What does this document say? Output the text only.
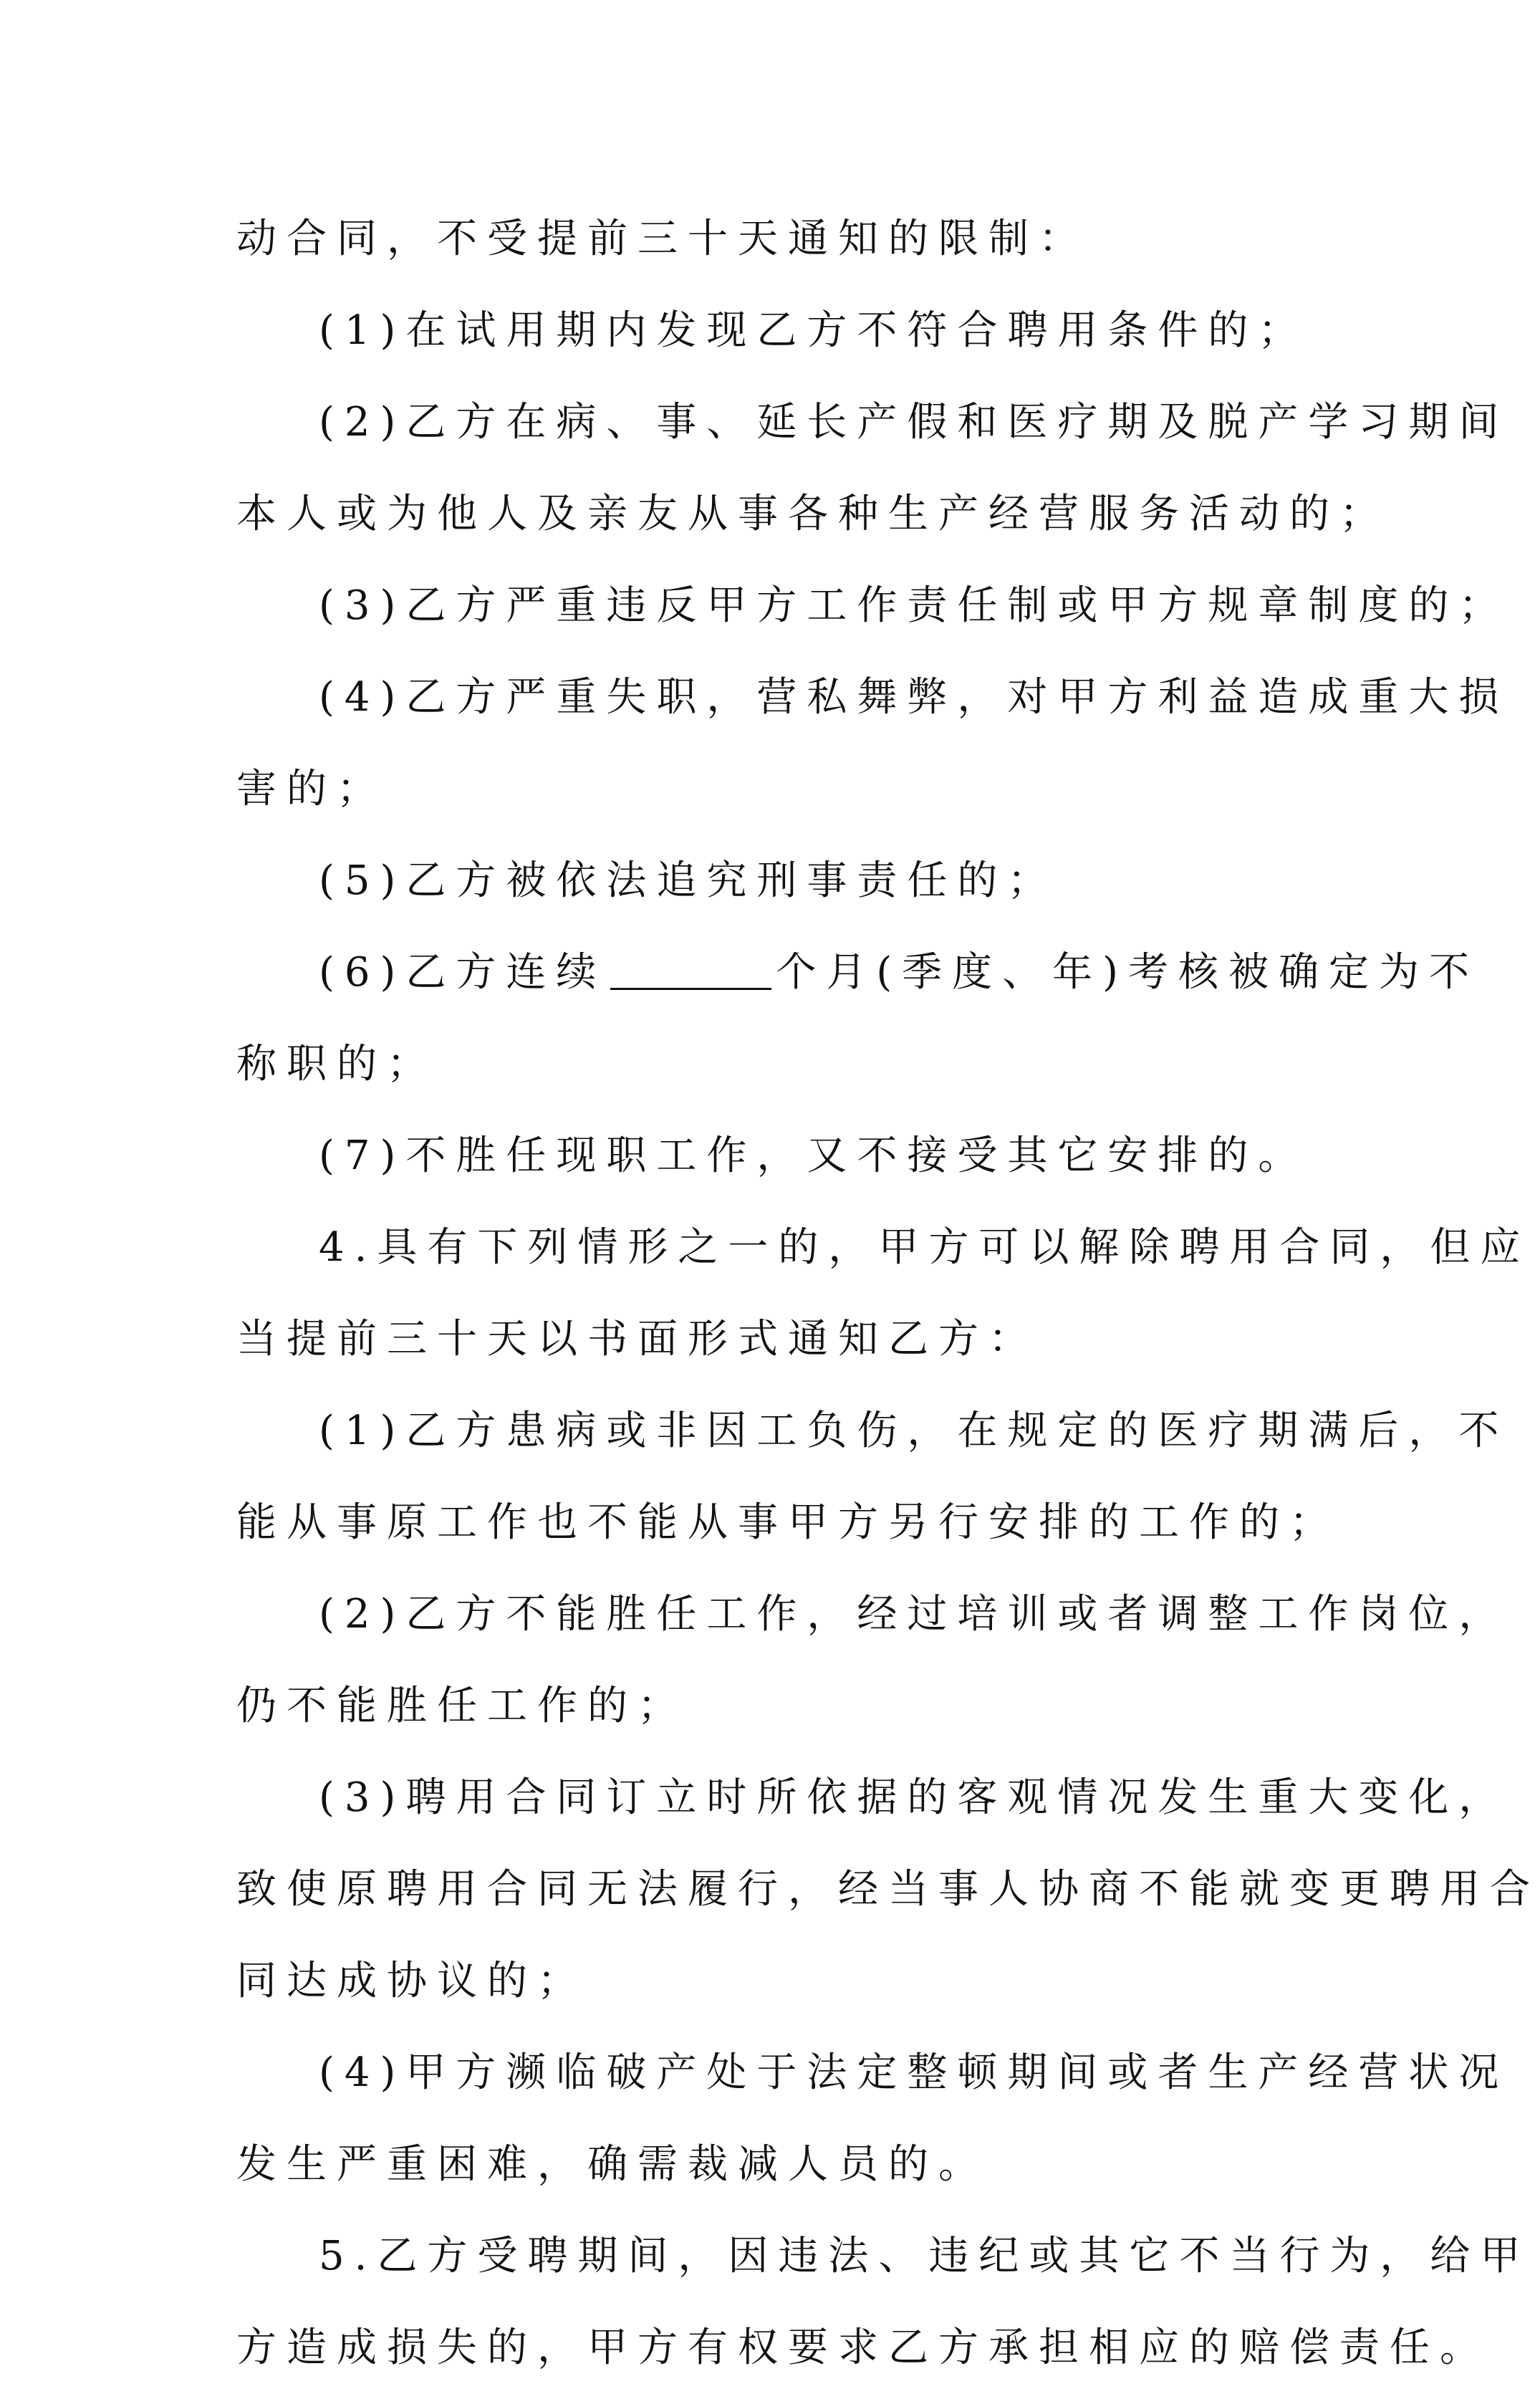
动合同，不受提前三十天通知的限制：
(1)在试用期内发现乙方不符合聘用条件的；
(2)乙方在病、事、延长产假和医疗期及脱产学习期间
本人或为他人及亲友从事各种生产经营服务活动的；
(3)乙方严重违反甲方工作责任制或甲方规章制度的；
(4)乙方严重失职，营私舞弊，对甲方利益造成重大损
害的；
(5)乙方被依法追究刑事责任的；
(6)乙方连续	个月(季度、年)考核被确定为不
称职的；
(7)不胜任现职工作，又不接受其它安排的。
4.具有下列情形之一的，甲方可以解除聘用合同，但应
当提前三十天以书面形式通知乙方：
(1)乙方患病或非因工负伤，在规定的医疗期满后，不
能从事原工作也不能从事甲方另行安排的工作的；
(2)乙方不能胜任工作，经过培训或者调整工作岗位，
仍不能胜任工作的；
(3)聘用合同订立时所依据的客观情况发生重大变化，
致使原聘用合同无法履行，经当事人协商不能就变更聘用合
同达成协议的；
(4)甲方濒临破产处于法定整顿期间或者生产经营状况
发生严重困难，确需裁减人员的。
5.乙方受聘期间，因违法、违纪或其它不当行为，给甲
方造成损失的，甲方有权要求乙方承担相应的赔偿责任。
